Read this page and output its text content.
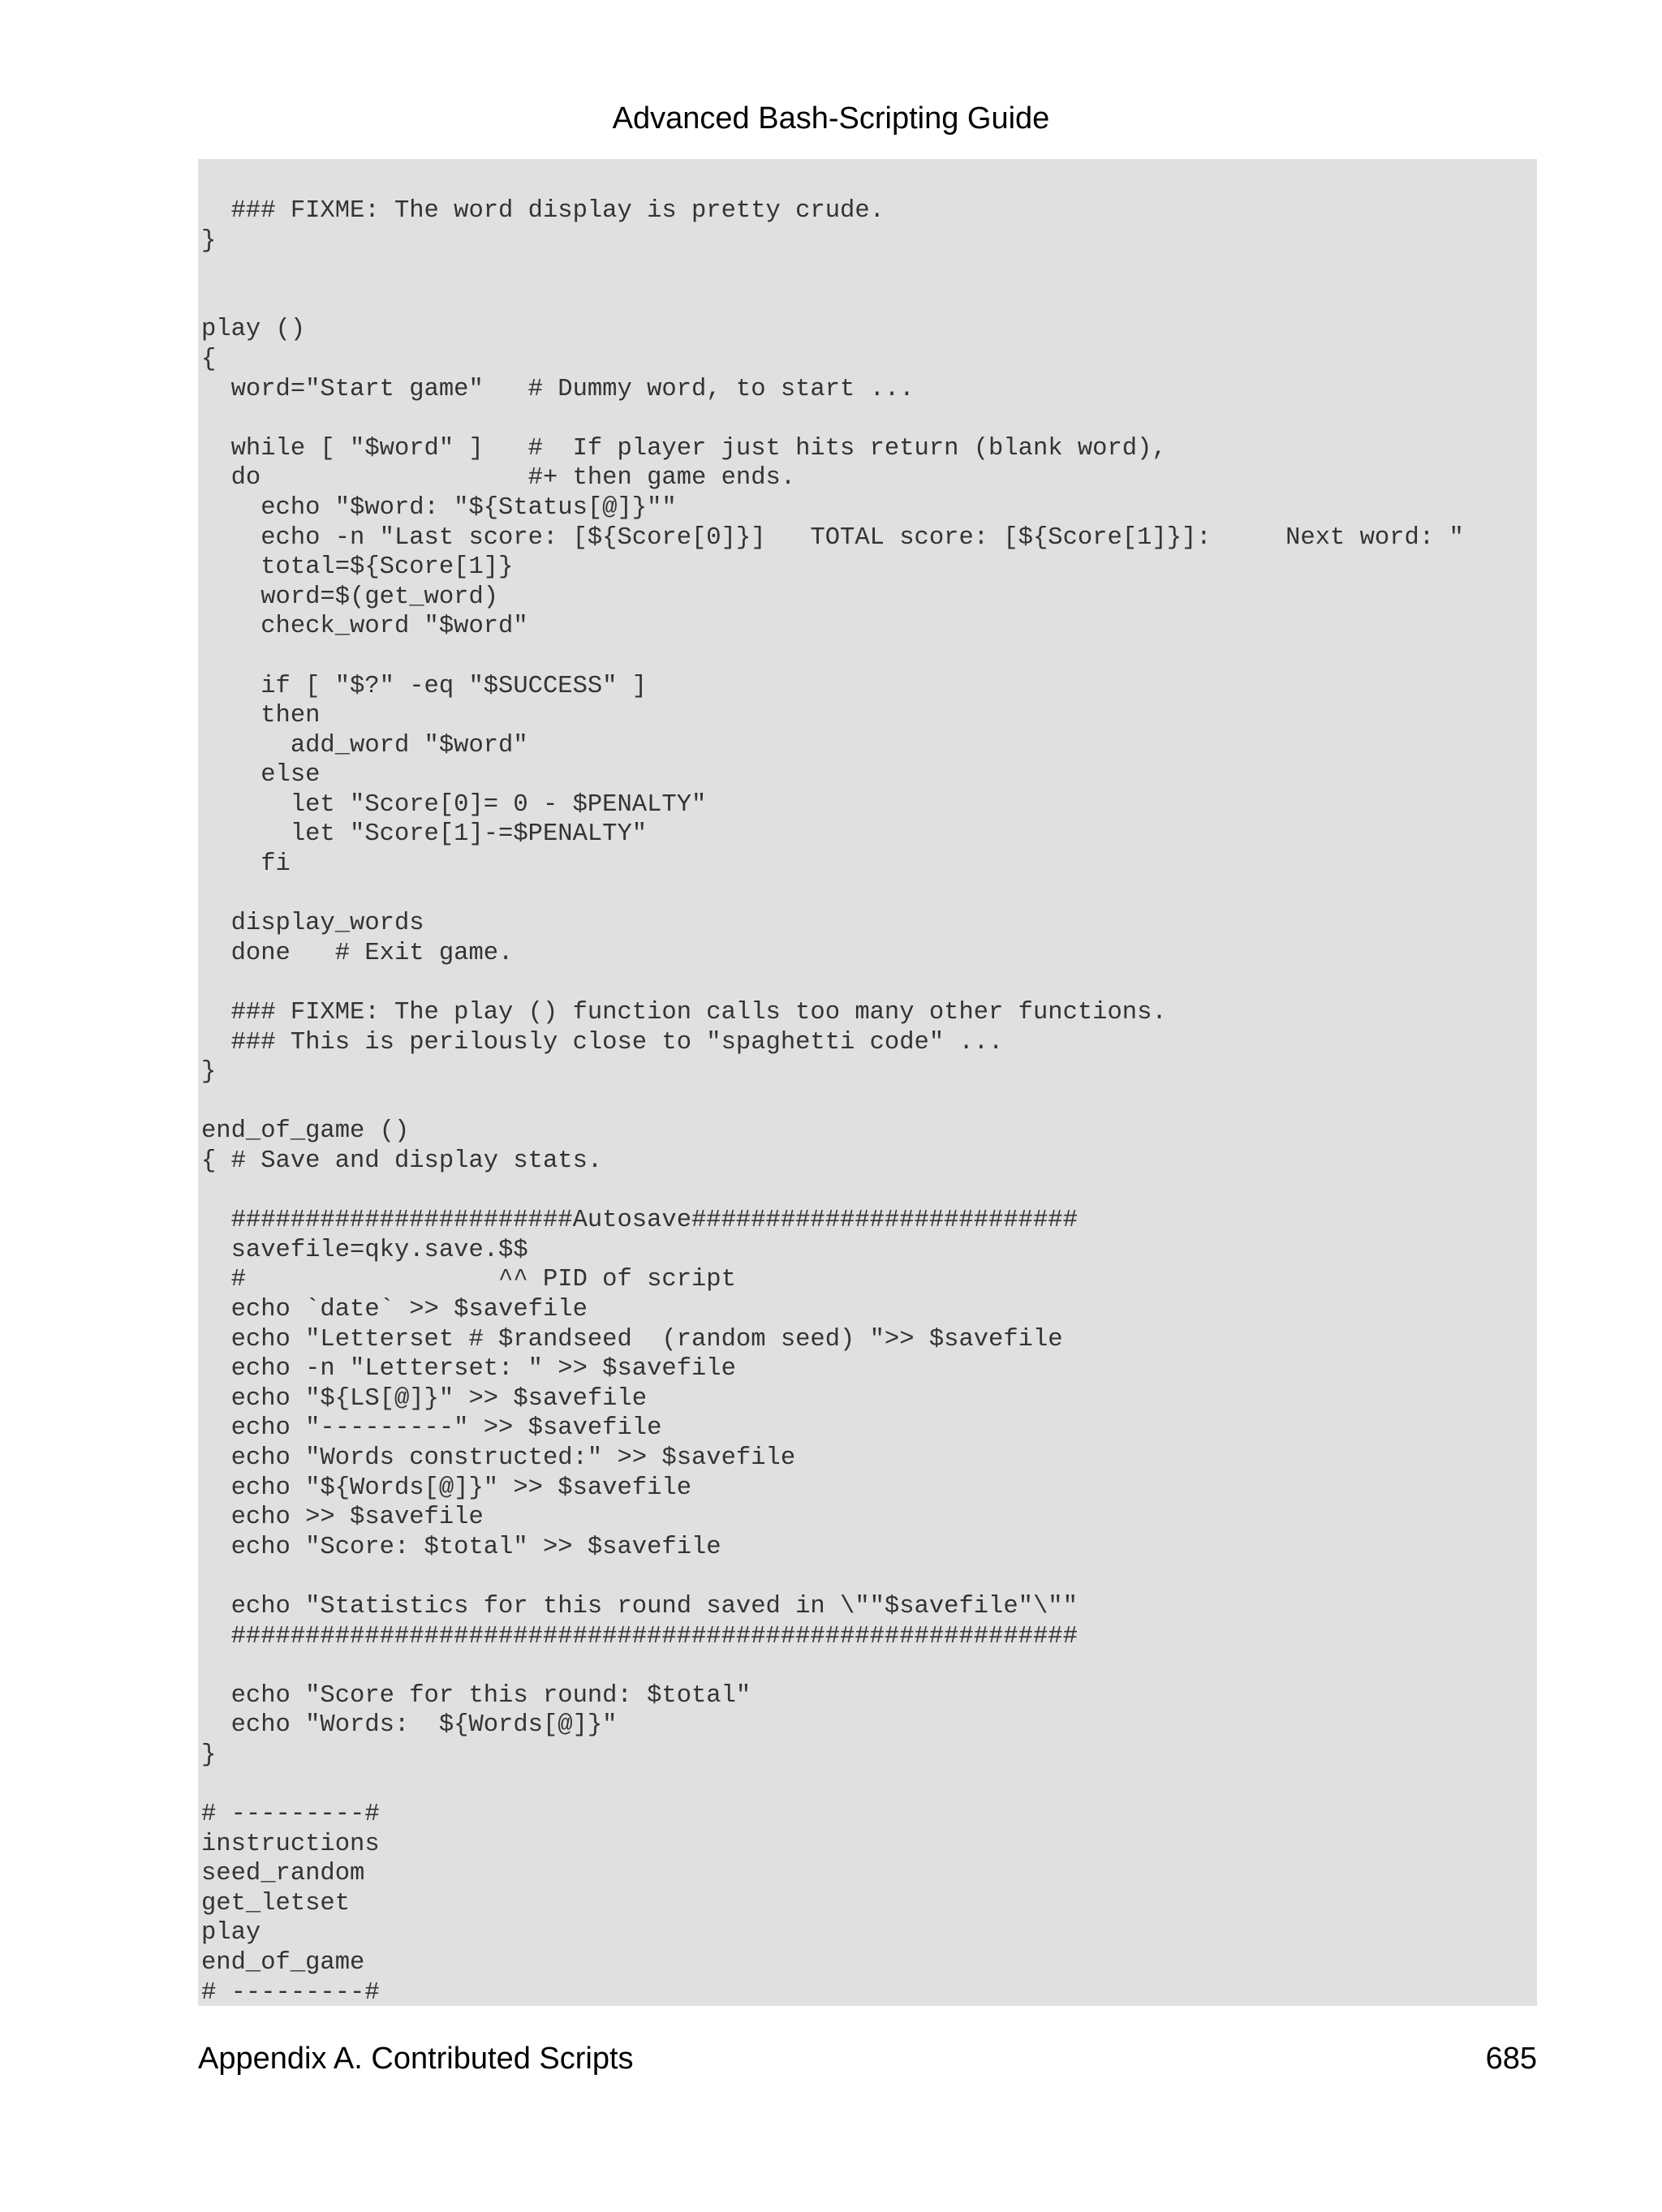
Advanced Bash-Scripting Guide
### FIXME: The word display is pretty crude.
}
play ()
{
word="Start game"   # Dummy word, to start ...
while [ "$word" ]   #  If player just hits return (blank word),
do                  #+ then game ends.
echo "$word: "${Status[@]}""
echo -n "Last score: [${Score[0]}]   TOTAL score: [${Score[1]}]:     Next word: "
total=${Score[1]}
word=$(get_word)
check_word "$word"
if [ "$?" -eq "$SUCCESS" ]
then
add_word "$word"
else
let "Score[0]= 0 - $PENALTY"
let "Score[1]-=$PENALTY"
fi
display_words
done   # Exit game.
### FIXME: The play () function calls too many other functions.
### This is perilously close to "spaghetti code" ...
}
end_of_game ()
{ # Save and display stats.
#######################Autosave##########################
savefile=qky.save.$$
#                 ^^ PID of script
echo `date` >> $savefile
echo "Letterset # $randseed  (random seed) ">> $savefile
echo -n "Letterset: " >> $savefile
echo "${LS[@]}" >> $savefile
echo "---------" >> $savefile
echo "Words constructed:" >> $savefile
echo "${Words[@]}" >> $savefile
echo >> $savefile
echo "Score: $total" >> $savefile
echo "Statistics for this round saved in \""$savefile"\""
#########################################################
echo "Score for this round: $total"
echo "Words:  ${Words[@]}"
}
# ---------#
instructions
seed_random
get_letset
play
end_of_game
# ---------#
Appendix A. Contributed Scripts	685
